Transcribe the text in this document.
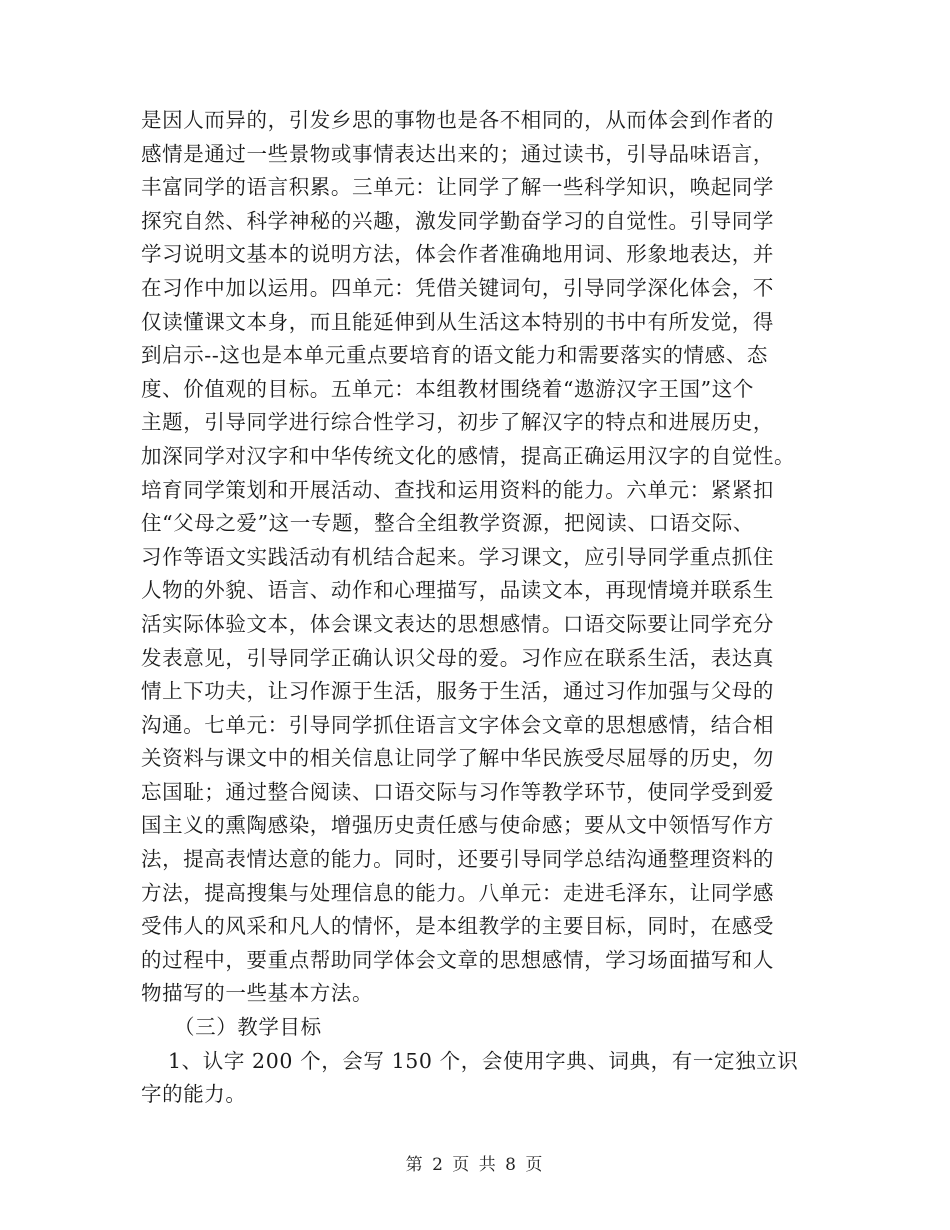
是因人而异的，引发乡思的事物也是各不相同的，从而体会到作者的
感情是通过一些景物或事情表达出来的；通过读书，引导品味语言，
丰富同学的语言积累。三单元：让同学了解一些科学知识，唤起同学
探究自然、科学神秘的兴趣，激发同学勤奋学习的自觉性。引导同学
学习说明文基本的说明方法，体会作者准确地用词、形象地表达，并
在习作中加以运用。四单元：凭借关键词句，引导同学深化体会，不
仅读懂课文本身，而且能延伸到从生活这本特别的书中有所发觉，得
到启示--这也是本单元重点要培育的语文能力和需要落实的情感、态
度、价值观的目标。五单元：本组教材围绕着“遨游汉字王国”这个
主题，引导同学进行综合性学习，初步了解汉字的特点和进展历史，
加深同学对汉字和中华传统文化的感情，提高正确运用汉字的自觉性。
培育同学策划和开展活动、查找和运用资料的能力。六单元：紧紧扣
住“父母之爱”这一专题，整合全组教学资源，把阅读、口语交际、
习作等语文实践活动有机结合起来。学习课文，应引导同学重点抓住
人物的外貌、语言、动作和心理描写，品读文本，再现情境并联系生
活实际体验文本，体会课文表达的思想感情。口语交际要让同学充分
发表意见，引导同学正确认识父母的爱。习作应在联系生活，表达真
情上下功夫，让习作源于生活，服务于生活，通过习作加强与父母的
沟通。七单元：引导同学抓住语言文字体会文章的思想感情，结合相
关资料与课文中的相关信息让同学了解中华民族受尽屈辱的历史，勿
忘国耻；通过整合阅读、口语交际与习作等教学环节，使同学受到爱
国主义的熏陶感染，增强历史责任感与使命感；要从文中领悟写作方
法，提高表情达意的能力。同时，还要引导同学总结沟通整理资料的
方法，提高搜集与处理信息的能力。八单元：走进毛泽东，让同学感
受伟人的风采和凡人的情怀，是本组教学的主要目标，同时，在感受
的过程中，要重点帮助同学体会文章的思想感情，学习场面描写和人
物描写的一些基本方法。
（三）教学目标
1、认字 200 个，会写 150 个，会使用字典、词典，有一定独立识
字的能力。
第 2 页 共 8 页
